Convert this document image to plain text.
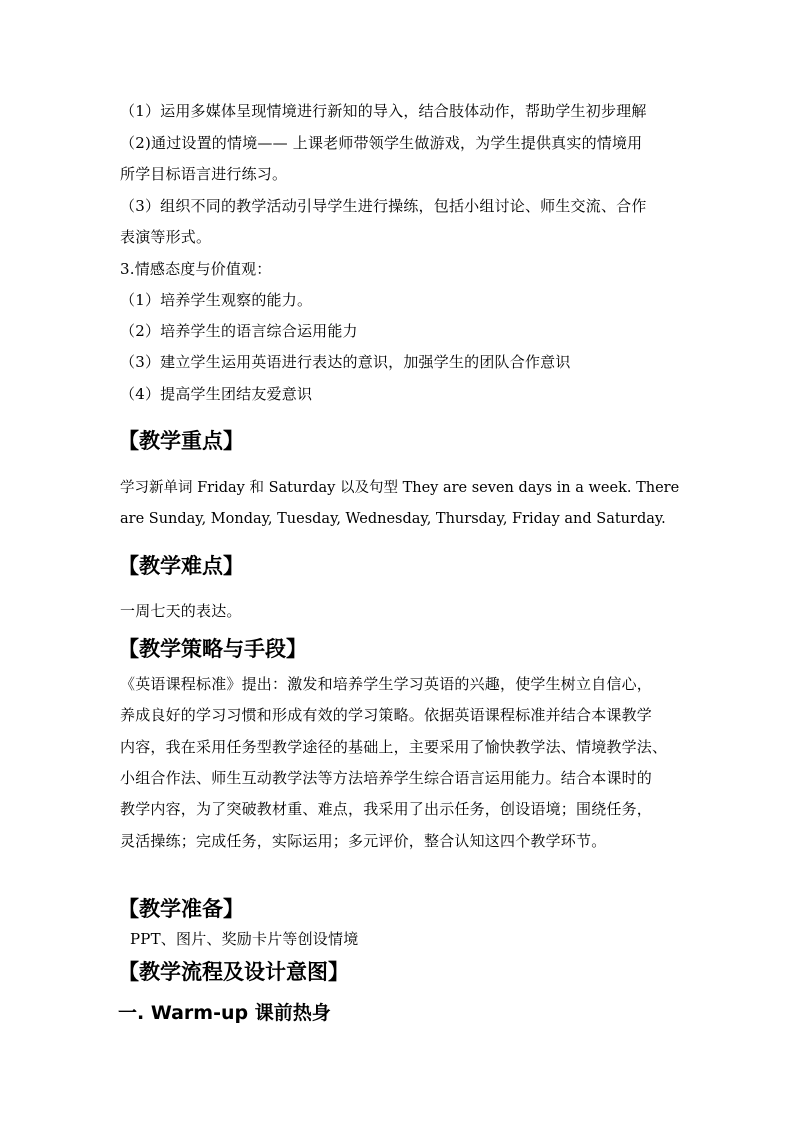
（1）运用多媒体呈现情境进行新知的导入，结合肢体动作，帮助学生初步理解
（2)通过设置的情境—— 上课老师带领学生做游戏，为学生提供真实的情境用
所学目标语言进行练习。
（3）组织不同的教学活动引导学生进行操练，包括小组讨论、师生交流、合作
表演等形式。
3.情感态度与价值观：
（1）培养学生观察的能力。
（2）培养学生的语言综合运用能力
（3）建立学生运用英语进行表达的意识，加强学生的团队合作意识
（4）提高学生团结友爱意识
【教学重点】
学习新单词 Friday 和 Saturday 以及句型 They are seven days in a week. There
are Sunday, Monday, Tuesday, Wednesday, Thursday, Friday and Saturday.
【教学难点】
一周七天的表达。
【教学策略与手段】
《英语课程标准》提出：激发和培养学生学习英语的兴趣，使学生树立自信心，
养成良好的学习习惯和形成有效的学习策略。依据英语课程标准并结合本课教学
内容，我在采用任务型教学途径的基础上，主要采用了愉快教学法、情境教学法、
小组合作法、师生互动教学法等方法培养学生综合语言运用能力。结合本课时的
教学内容，为了突破教材重、难点，我采用了出示任务，创设语境；围绕任务，
灵活操练；完成任务，实际运用；多元评价，整合认知这四个教学环节。
【教学准备】
PPT、图片、奖励卡片等创设情境
【教学流程及设计意图】
一. Warm-up 课前热身
